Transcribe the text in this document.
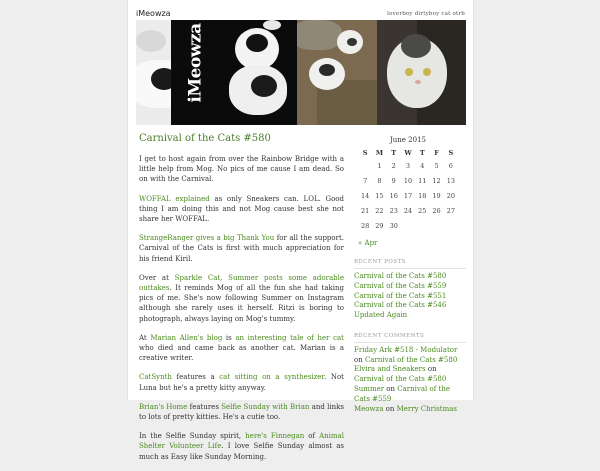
iMeowza	loverboy dirtyboy cat otrb
iMeowza
Carnival of the Cats #580

I get to host again from over the Rainbow Bridge with a little help from Mog. No pics of me cause I am dead. So on with the Carnival.

WOFFAL explained as only Sneakers can. LOL. Good thing I am doing this and not Mog cause best she not share her WOFFAL.

StrangeRanger gives a big Thank You for all the support. Carnival of the Cats is first with much appreciation for his friend Kiril.

Over at Sparkle Cat, Summer posts some adorable outtakes. It reminds Mog of all the fun she had taking pics of me. She's now following Summer on Instagram although she rarely uses it herself. Ritzi is boring to photograph, always laying on Mog's tummy.

At Marian Allen's blog is an interesting tale of her cat who died and came back as another cat. Marian is a creative writer.

CatSynth features a cat sitting on a synthesizer. Not Luna but he's a pretty kitty anyway.

Brian's Home features Selfie Sunday with Brian and links to lots of pretty kitties. He's a cutie too.

In the Selfie Sunday spirit, here's Finnegan of Animal Shelter Volunteer Life. I love Selfie Sunday almost as much as Easy like Sunday Morning.

June 2015
S	M	T	W	T	F	S
	1	2	3	4	5	6
7	8	9	10	11	12	13
14	15	16	17	18	19	20
21	22	23	24	25	26	27
28	29	30				
« Apr
RECENT POSTS
Carnival of the Cats #580
Carnival of the Cats #559
Carnival of the Cats #551
Carnival of the Cats #546
Updated Again
RECENT COMMENTS
Friday Ark #518 - Modulator on Carnival of the Cats #580
Elvira and Sneakers on Carnival of the Cats #580
Summer on Carnival of the Cats #559
Meowza on Merry Christmas
